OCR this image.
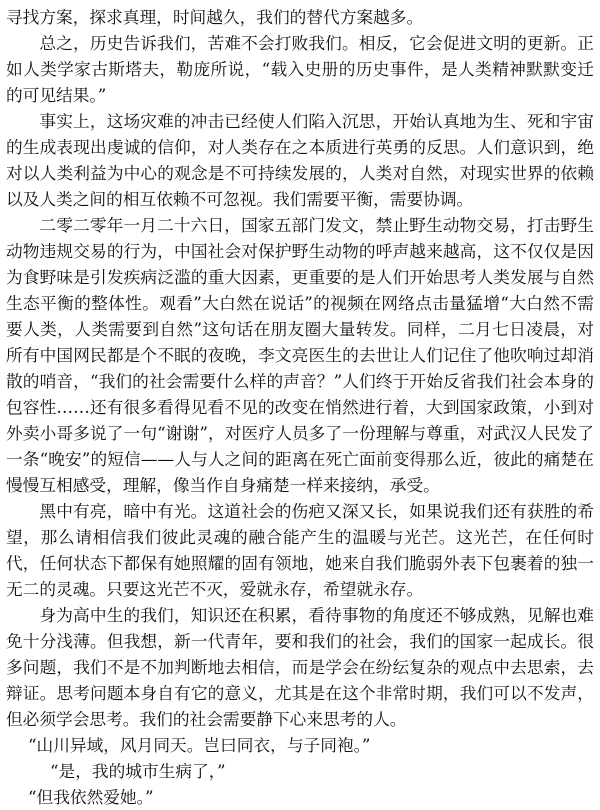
寻找方案，探求真理，时间越久，我们的替代方案越多。

总之，历史告诉我们，苦难不会打败我们。相反，它会促进文明的更新。正如人类学家古斯塔夫，勒庞所说，“载入史册的历史事件，是人类精神默默变迁的可见结果。”

事实上，这场灾难的冲击已经使人们陷入沉思，开始认真地为生、死和宇宙的生成表现出虔诚的信仰，对人类存在之本质进行英勇的反思。人们意识到，绝对以人类利益为中心的观念是不可持续发展的，人类对自然，对现实世界的依赖以及人类之间的相互依赖不可忽视。我们需要平衡，需要协调。

二零二零年一月二十六日，国家五部门发文，禁止野生动物交易，打击野生动物违规交易的行为，中国社会对保护野生动物的呼声越来越高，这不仅仅是因为食野味是引发疾病泛滥的重大因素，更重要的是人们开始思考人类发展与自然生态平衡的整体性。观看”大白然在说话”的视频在网络点击量猛增“大白然不需要人类，人类需要到自然”这句话在朋友圈大量转发。同样，二月七日凌晨，对所有中国网民都是个不眠的夜晚，李文亮医生的去世让人们记住了他吹响过却消散的哨音，“我们的社会需要什么样的声音？”人们终于开始反省我们社会本身的包容性……还有很多看得见看不见的改变在悄然进行着，大到国家政策，小到对外卖小哥多说了一句“谢谢”，对医疗人员多了一份理解与尊重，对武汉人民发了一条“晚安”的短信——人与人之间的距离在死亡面前变得那么近，彼此的痛楚在慢慢互相感受，理解，像当作自身痛楚一样来接纳，承受。

黑中有亮，暗中有光。这道社会的伤疤又深又长，如果说我们还有获胜的希望，那么请相信我们彼此灵魂的融合能产生的温暖与光芒。这光芒，在任何时代，任何状态下都保有她照耀的固有领地，她来自我们脆弱外表下包裹着的独一无二的灵魂。只要这光芒不灭，爱就永存，希望就永存。

身为高中生的我们，知识还在积累，看待事物的角度还不够成熟，见解也难免十分浅薄。但我想，新一代青年，要和我们的社会，我们的国家一起成长。很多问题，我们不是不加判断地去相信，而是学会在纷纭复杂的观点中去思索，去辩证。思考问题本身自有它的意义，尤其是在这个非常时期，我们可以不发声，但必须学会思考。我们的社会需要静下心来思考的人。

“山川异域，风月同天。岂曰同衣，与子同袍。”

“是，我的城市生病了，”

“但我依然爱她。”
